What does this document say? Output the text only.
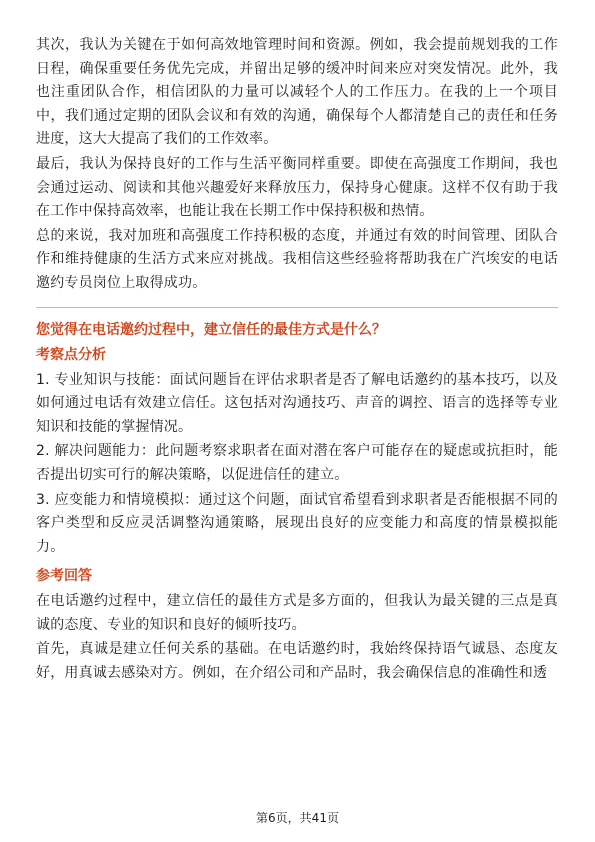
其次，我认为关键在于如何高效地管理时间和资源。例如，我会提前规划我的工作日程，确保重要任务优先完成，并留出足够的缓冲时间来应对突发情况。此外，我也注重团队合作，相信团队的力量可以减轻个人的工作压力。在我的上一个项目中，我们通过定期的团队会议和有效的沟通，确保每个人都清楚自己的责任和任务进度，这大大提高了我们的工作效率。

最后，我认为保持良好的工作与生活平衡同样重要。即使在高强度工作期间，我也会通过运动、阅读和其他兴趣爱好来释放压力，保持身心健康。这样不仅有助于我在工作中保持高效率，也能让我在长期工作中保持积极和热情。

总的来说，我对加班和高强度工作持积极的态度，并通过有效的时间管理、团队合作和维持健康的生活方式来应对挑战。我相信这些经验将帮助我在广汽埃安的电话邀约专员岗位上取得成功。

您觉得在电话邀约过程中，建立信任的最佳方式是什么？
考察点分析

1. 专业知识与技能：面试问题旨在评估求职者是否了解电话邀约的基本技巧，以及如何通过电话有效建立信任。这包括对沟通技巧、声音的调控、语言的选择等专业知识和技能的掌握情况。

2. 解决问题能力：此问题考察求职者在面对潜在客户可能存在的疑虑或抗拒时，能否提出切实可行的解决策略，以促进信任的建立。

3. 应变能力和情境模拟：通过这个问题，面试官希望看到求职者是否能根据不同的客户类型和反应灵活调整沟通策略，展现出良好的应变能力和高度的情景模拟能力。

参考回答

在电话邀约过程中，建立信任的最佳方式是多方面的，但我认为最关键的三点是真诚的态度、专业的知识和良好的倾听技巧。

首先，真诚是建立任何关系的基础。在电话邀约时，我始终保持语气诚恳、态度友好，用真诚去感染对方。例如，在介绍公司和产品时，我会确保信息的准确性和透

第6页，共41页
